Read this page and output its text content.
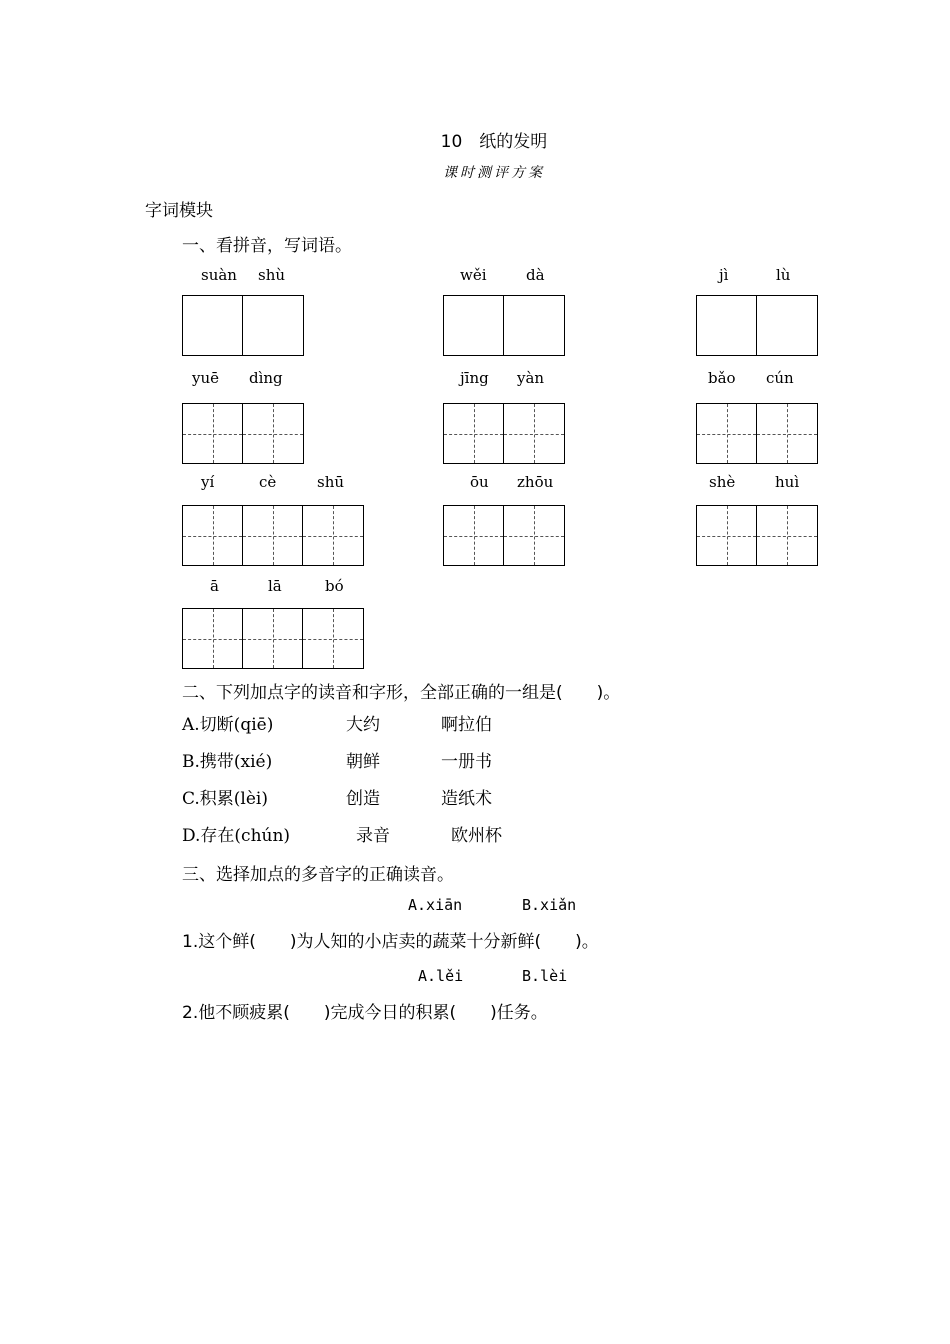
10　纸的发明
课时测评方案
字词模块
一、看拼音，写词语。
suàn shù	wěi	dà	jì	lù
yuē dìng	jīng yàn	bǎo cún
yí	cè	shū	ōu zhōu	shè	huì
ā	lā	bó
二、下列加点字的读音和字形，全部正确的一组是(　　)。
A.切断(qiē)	大约	啊拉伯
B.携带(xié)	朝鲜	一册书
C.积累(lèi)	创造	造纸术
D.存在(chún)	录音	欧州杯
三、选择加点的多音字的正确读音。
A.xiān	B.xiǎn
1.这个鲜(　　)为人知的小店卖的蔬菜十分新鲜(　　)。
A.lěi	B.lèi
2.他不顾疲累(　　)完成今日的积累(　　)任务。
